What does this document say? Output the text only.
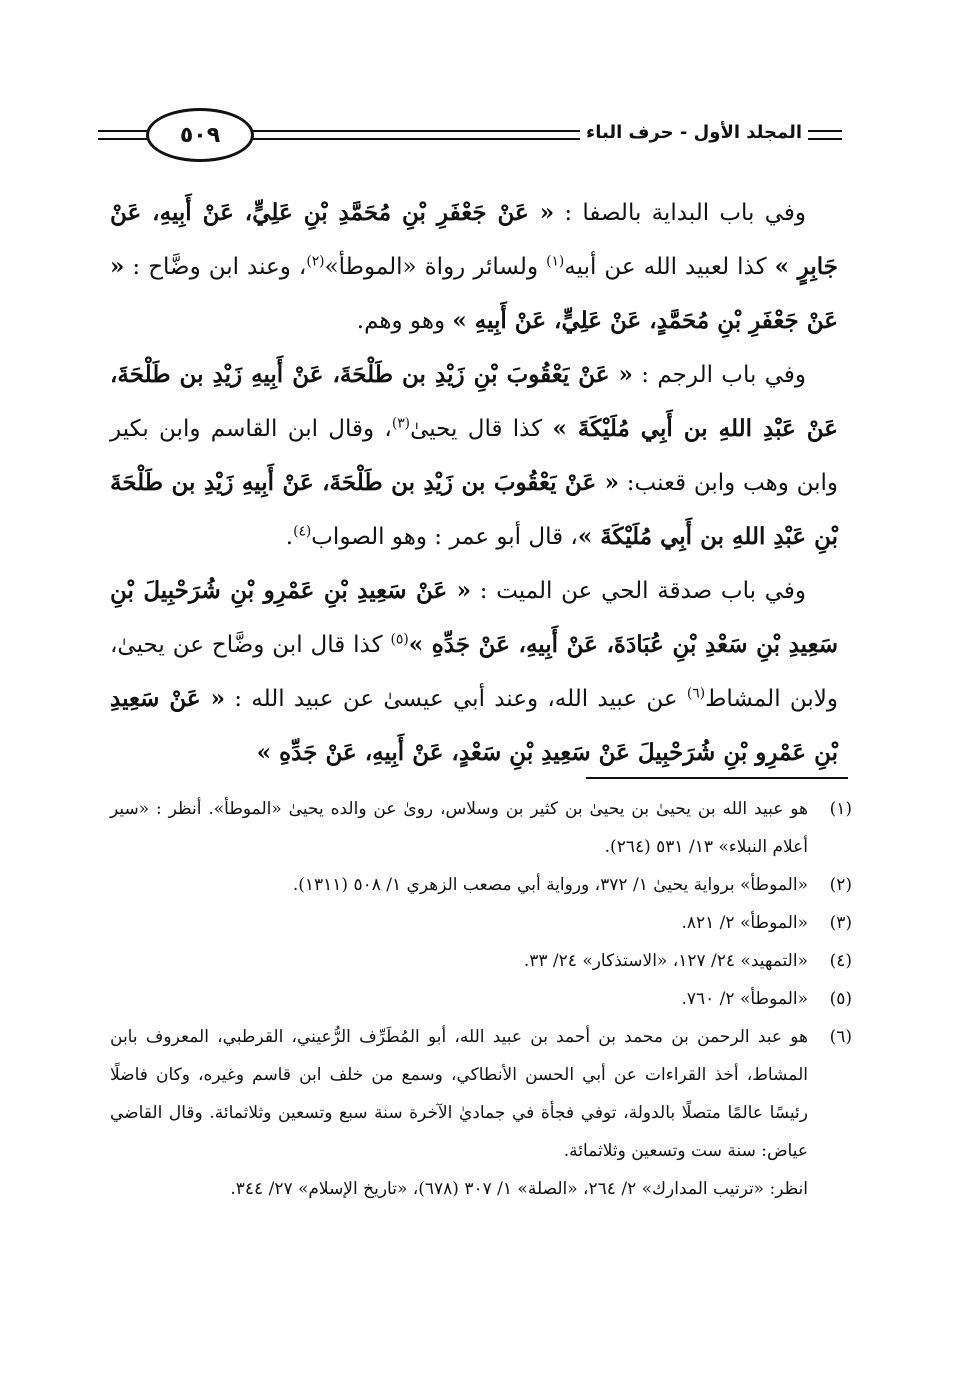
٥٠٩	المجلد الأول - حرف الباء

وفي باب البداية بالصفا : « عَنْ جَعْفَرِ بْنِ مُحَمَّدِ بْنِ عَلِيٍّ، عَنْ أَبِيهِ، عَنْ جَابِرٍ » كذا لعبيد الله عن أبيه$^{(١)}$ ولسائر رواة «الموطأ»$^{(٢)}$، وعند ابن وضَّاح : « عَنْ جَعْفَرِ بْنِ مُحَمَّدٍ، عَنْ عَلِيٍّ، عَنْ أَبِيهِ » وهو وهم.

وفي باب الرجم : « عَنْ يَعْقُوبَ بْنِ زَيْدِ بن طَلْحَةَ، عَنْ أَبِيهِ زَيْدِ بن طَلْحَةَ، عَنْ عَبْدِ اللهِ بن أَبِي مُلَيْكَةَ » كذا قال يحيىٰ$^{(٣)}$، وقال ابن القاسم وابن بكير وابن وهب وابن قعنب: « عَنْ يَعْقُوبَ بن زَيْدِ بن طَلْحَةَ، عَنْ أَبِيهِ زَيْدِ بن طَلْحَةَ بْنِ عَبْدِ اللهِ بن أَبِي مُلَيْكَةَ »، قال أبو عمر : وهو الصواب$^{(٤)}$.

وفي باب صدقة الحي عن الميت : « عَنْ سَعِيدِ بْنِ عَمْرِو بْنِ شُرَحْبِيلَ بْنِ سَعِيدِ بْنِ سَعْدِ بْنِ عُبَادَةَ، عَنْ أَبِيهِ، عَنْ جَدِّهِ »$^{(٥)}$ كذا قال ابن وضَّاح عن يحيىٰ، ولابن المشاط$^{(٦)}$ عن عبيد الله، وعند أبي عيسىٰ عن عبيد الله : « عَنْ سَعِيدِ بْنِ عَمْرِو بْنِ شُرَحْبِيلَ عَنْ سَعِيدِ بْنِ سَعْدٍ، عَنْ أَبِيهِ، عَنْ جَدِّهِ »

(١)
هو عبيد الله بن يحيىٰ بن يحيىٰ بن كثير بن وسلاس، روىٰ عن والده يحيىٰ «الموطأ». أنظر : «سير أعلام النبلاء» ١٣/ ٥٣١ (٢٦٤).
(٢)
«الموطأ» برواية يحيىٰ ١/ ٣٧٢، ورواية أبي مصعب الزهري ١/ ٥٠٨ (١٣١١).
(٣)
«الموطأ» ٢/ ٨٢١.
(٤)
«التمهيد» ٢٤/ ١٢٧، «الاستذكار» ٢٤/ ٣٣.
(٥)
«الموطأ» ٢/ ٧٦٠.
(٦)
هو عبد الرحمن بن محمد بن أحمد بن عبيد الله، أبو المُطَرِّف الرُّعيني، القرطبي، المعروف بابن المشاط، أخذ القراءات عن أبي الحسن الأنطاكي، وسمع من خلف ابن قاسم وغيره، وكان فاضلًا رئيسًا عالمًا متصلًا بالدولة، توفي فجأة في جماديٰ الآخرة سنة سبع وتسعين وثلاثمائة. وقال القاضي عياض: سنة ست وتسعين وثلاثمائة.
انظر: «ترتيب المدارك» ٢/ ٢٦٤، «الصلة» ١/ ٣٠٧ (٦٧٨)، «تاريخ الإسلام» ٢٧/ ٣٤٤.
